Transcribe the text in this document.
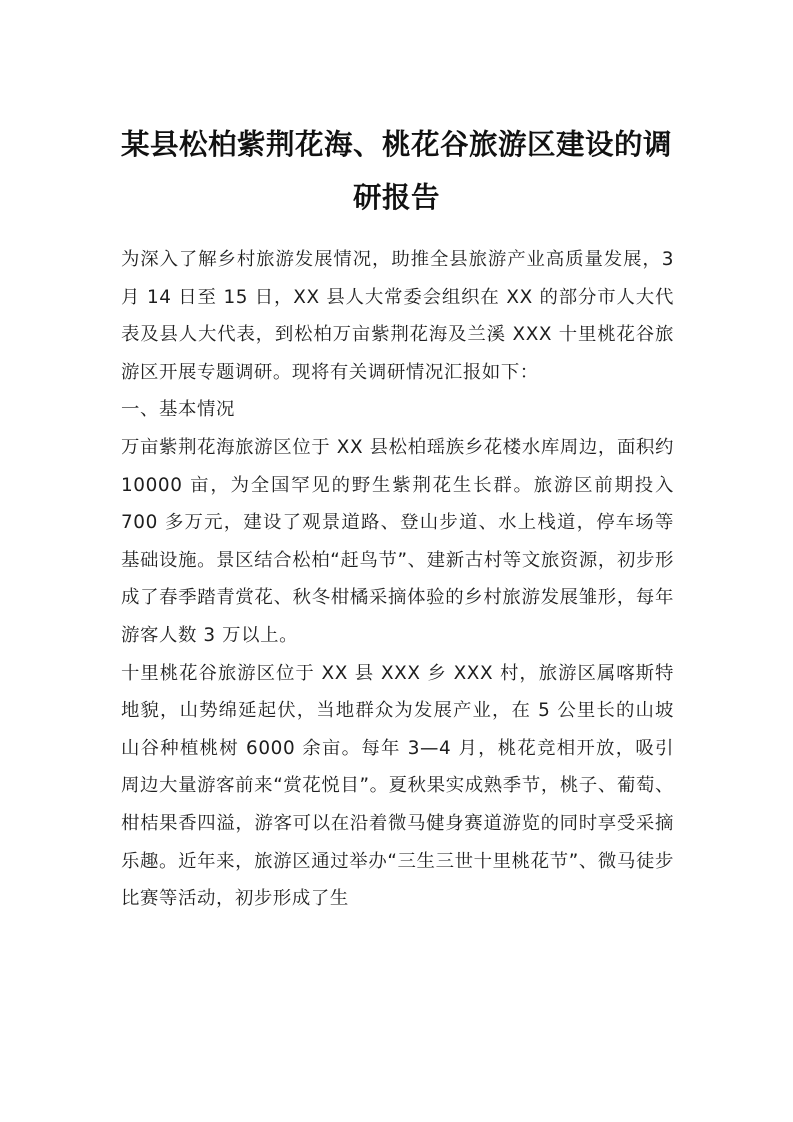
某县松柏紫荆花海、桃花谷旅游区建设的调研报告

为深入了解乡村旅游发展情况，助推全县旅游产业高质量发展，3 月 14 日至 15 日，XX 县人大常委会组织在 XX 的部分市人大代表及县人大代表，到松柏万亩紫荆花海及兰溪 XXX 十里桃花谷旅游区开展专题调研。现将有关调研情况汇报如下：

一、基本情况

万亩紫荆花海旅游区位于 XX 县松柏瑶族乡花楼水库周边，面积约 10000 亩，为全国罕见的野生紫荆花生长群。旅游区前期投入 700 多万元，建设了观景道路、登山步道、水上栈道，停车场等基础设施。景区结合松柏“赶鸟节”、建新古村等文旅资源，初步形成了春季踏青赏花、秋冬柑橘采摘体验的乡村旅游发展雏形，每年游客人数 3 万以上。

十里桃花谷旅游区位于 XX 县 XXX 乡 XXX 村，旅游区属喀斯特地貌，山势绵延起伏，当地群众为发展产业，在 5 公里长的山坡山谷种植桃树 6000 余亩。每年 3—4 月，桃花竞相开放，吸引周边大量游客前来“赏花悦目”。夏秋果实成熟季节，桃子、葡萄、柑桔果香四溢，游客可以在沿着微马健身赛道游览的同时享受采摘乐趣。近年来，旅游区通过举办“三生三世十里桃花节”、微马徒步比赛等活动，初步形成了生
